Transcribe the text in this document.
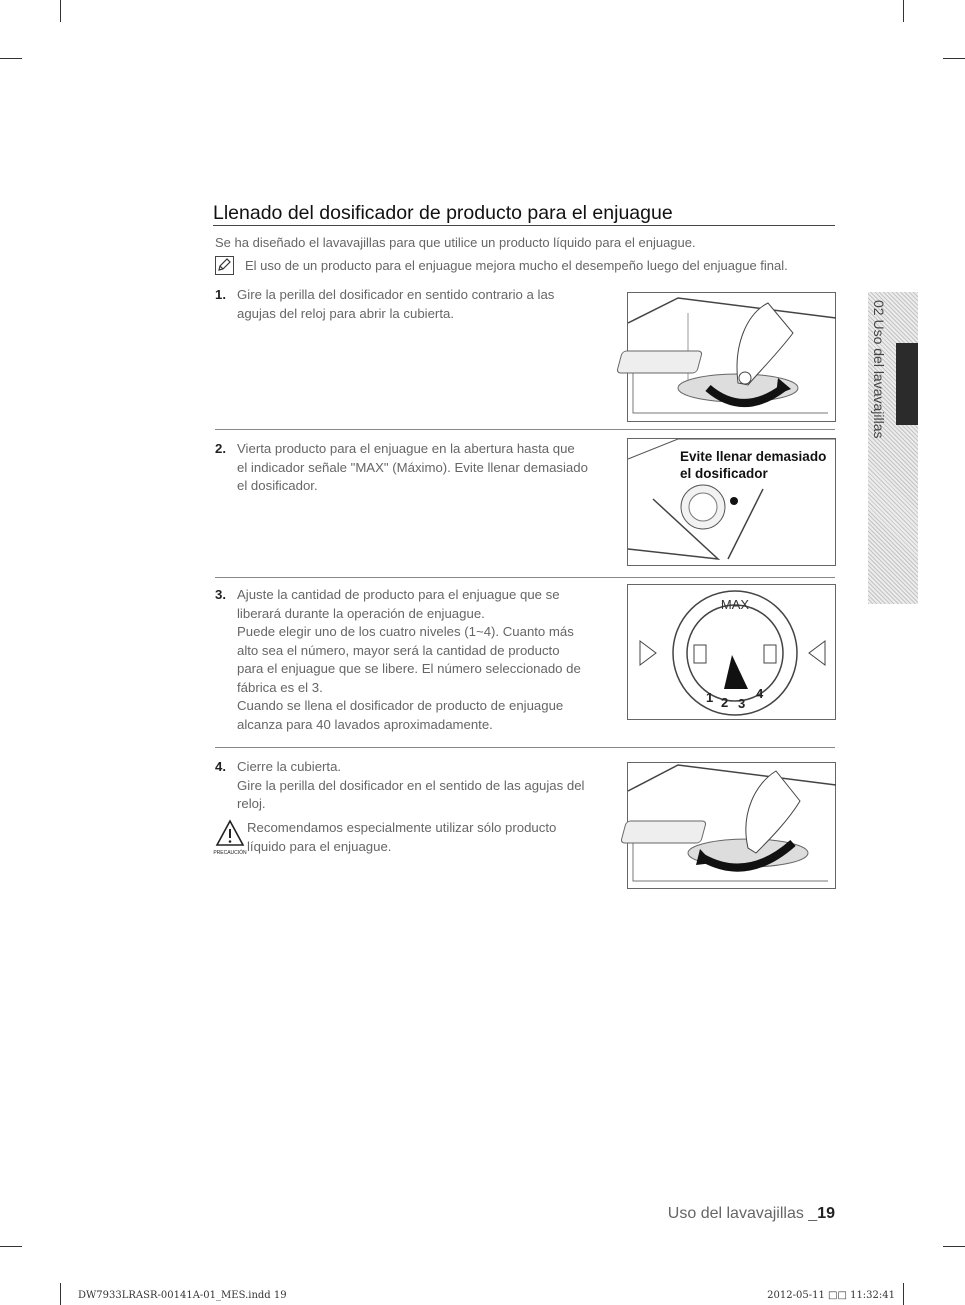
Llenado del dosificador de producto para el enjuague

Se ha diseñado el lavavajillas para que utilice un producto líquido para el enjuague.

El uso de un producto para el enjuague mejora mucho el desempeño luego del enjuague final.
1. Gire la perilla del dosificador en sentido contrario a las

agujas del reloj para abrir la cubierta.

2. Vierta producto para el enjuague en la abertura hasta que

el indicador señale "MAX" (Máximo). Evite llenar demasiado

el dosificador.

Evite llenar demasiado
el dosificador
3. Ajuste la cantidad de producto para el enjuague que se

liberará durante la operación de enjuague.

Puede elegir uno de los cuatro niveles (1~4). Cuanto más

alto sea el número, mayor será la cantidad de producto

para el enjuague que se libere. El número seleccionado de

fábrica es el 3.

Cuando se llena el dosificador de producto de enjuague

alcanza para 40 lavados aproximadamente.

MAX
1 2 3
4
4. Cierre la cubierta.

Gire la perilla del dosificador en el sentido de las agujas del

reloj.

PRECAUCIÓN
Recomendamos especialmente utilizar sólo producto
líquido para el enjuague.
02 Uso del lavavajillas

Uso del lavavajillas _19

DW7933LRASR-00141A-01_MES.indd 19	2012-05-11 □□ 11:32:41
